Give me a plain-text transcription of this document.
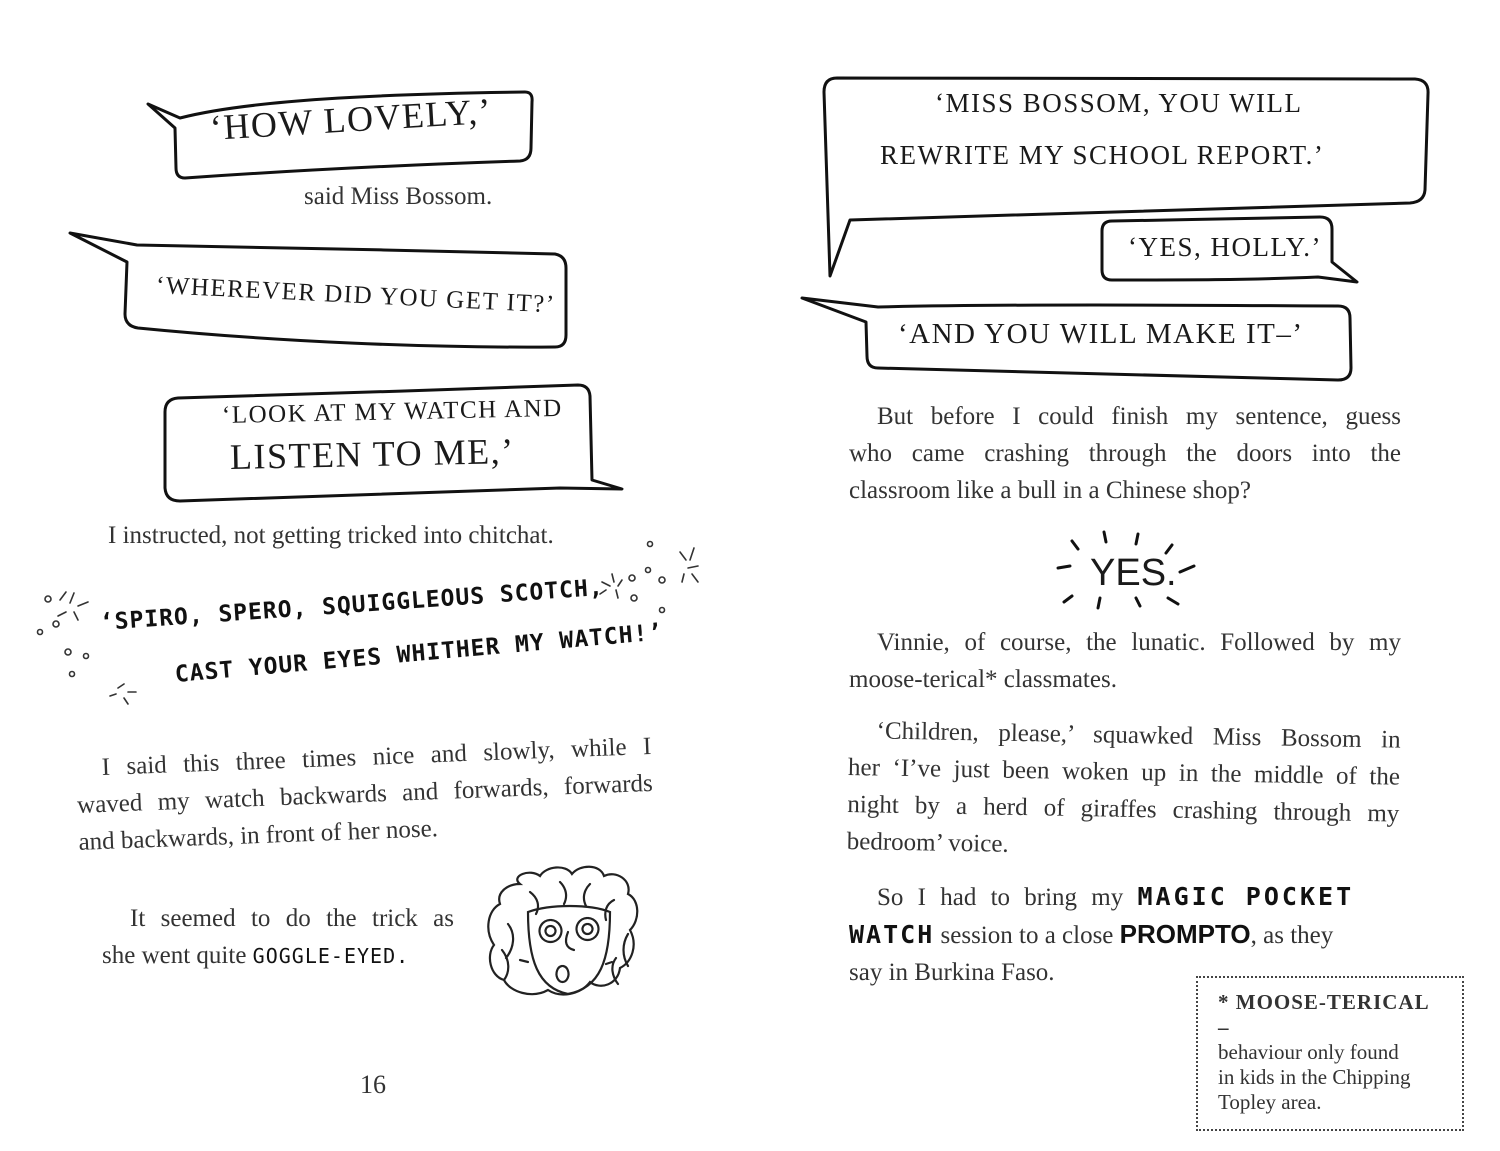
‘HOW LOVELY,’
said Miss Bossom.
‘WHEREVER DID YOU GET IT?’
‘LOOK AT MY WATCH AND
LISTEN TO ME,’
I instructed, not getting tricked into chitchat.
‘SPIRO, SPERO, SQUIGGLEOUS SCOTCH,
CAST YOUR EYES WHITHER MY WATCH!’
I said this three times nice and slowly, while I
waved my watch backwards and forwards, forwards
and backwards, in front of her nose.
It seemed to do the trick as
she went quite GOGGLE-EYED.
16
‘MISS BOSSOM, YOU WILL
REWRITE MY SCHOOL REPORT.’
‘YES, HOLLY.’
‘AND YOU WILL MAKE IT–’
But before I could finish my sentence, guess
who came crashing through the doors into the
classroom like a bull in a Chinese shop?
YES.
Vinnie, of course, the lunatic. Followed by my
moose-terical* classmates.
‘Children, please,’ squawked Miss Bossom in
her ‘I’ve just been woken up in the middle of the
night by a herd of giraffes crashing through my
bedroom’ voice.
So I had to bring my MAGIC POCKET
WATCH session to a close PROMPTO, as they
say in Burkina Faso.
* MOOSE-TERICAL –
behaviour only found
in kids in the Chipping
Topley area.
